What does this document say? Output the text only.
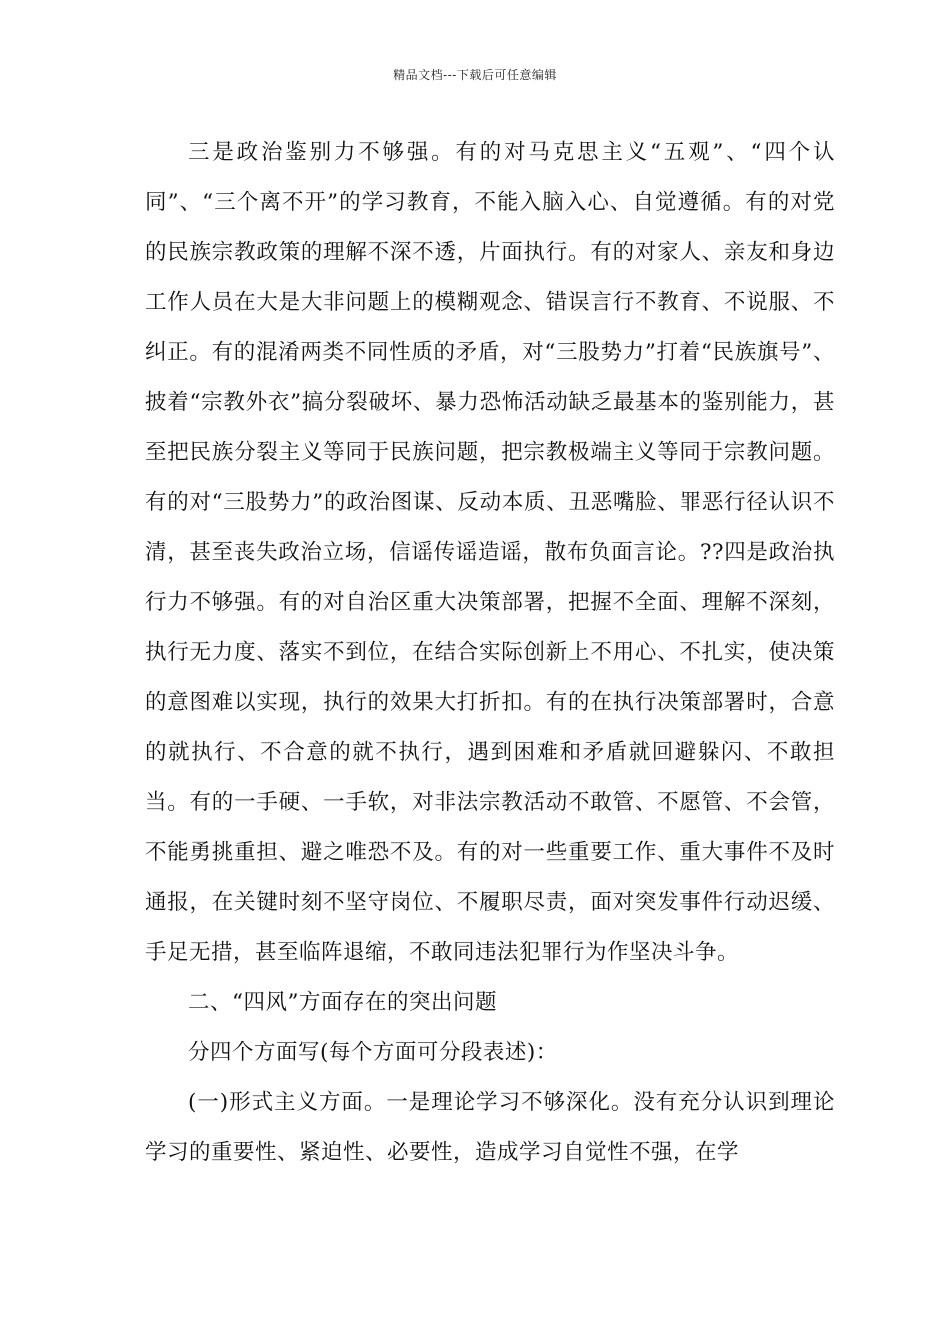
精品文档---下载后可任意编辑

三是政治鉴别力不够强。有的对马克思主义“五观”、“四个认同”、“三个离不开”的学习教育，不能入脑入心、自觉遵循。有的对党的民族宗教政策的理解不深不透，片面执行。有的对家人、亲友和身边工作人员在大是大非问题上的模糊观念、错误言行不教育、不说服、不纠正。有的混淆两类不同性质的矛盾，对“三股势力”打着“民族旗号”、披着“宗教外衣”搞分裂破坏、暴力恐怖活动缺乏最基本的鉴别能力，甚至把民族分裂主义等同于民族问题，把宗教极端主义等同于宗教问题。有的对“三股势力”的政治图谋、反动本质、丑恶嘴脸、罪恶行径认识不清，甚至丧失政治立场，信谣传谣造谣，散布负面言论。??四是政治执行力不够强。有的对自治区重大决策部署，把握不全面、理解不深刻，执行无力度、落实不到位，在结合实际创新上不用心、不扎实，使决策的意图难以实现，执行的效果大打折扣。有的在执行决策部署时，合意的就执行、不合意的就不执行，遇到困难和矛盾就回避躲闪、不敢担当。有的一手硬、一手软，对非法宗教活动不敢管、不愿管、不会管，不能勇挑重担、避之唯恐不及。有的对一些重要工作、重大事件不及时通报，在关键时刻不坚守岗位、不履职尽责，面对突发事件行动迟缓、手足无措，甚至临阵退缩，不敢同违法犯罪行为作坚决斗争。

二、“四风”方面存在的突出问题

分四个方面写(每个方面可分段表述)：

(一)形式主义方面。一是理论学习不够深化。没有充分认识到理论学习的重要性、紧迫性、必要性，造成学习自觉性不强，在学
